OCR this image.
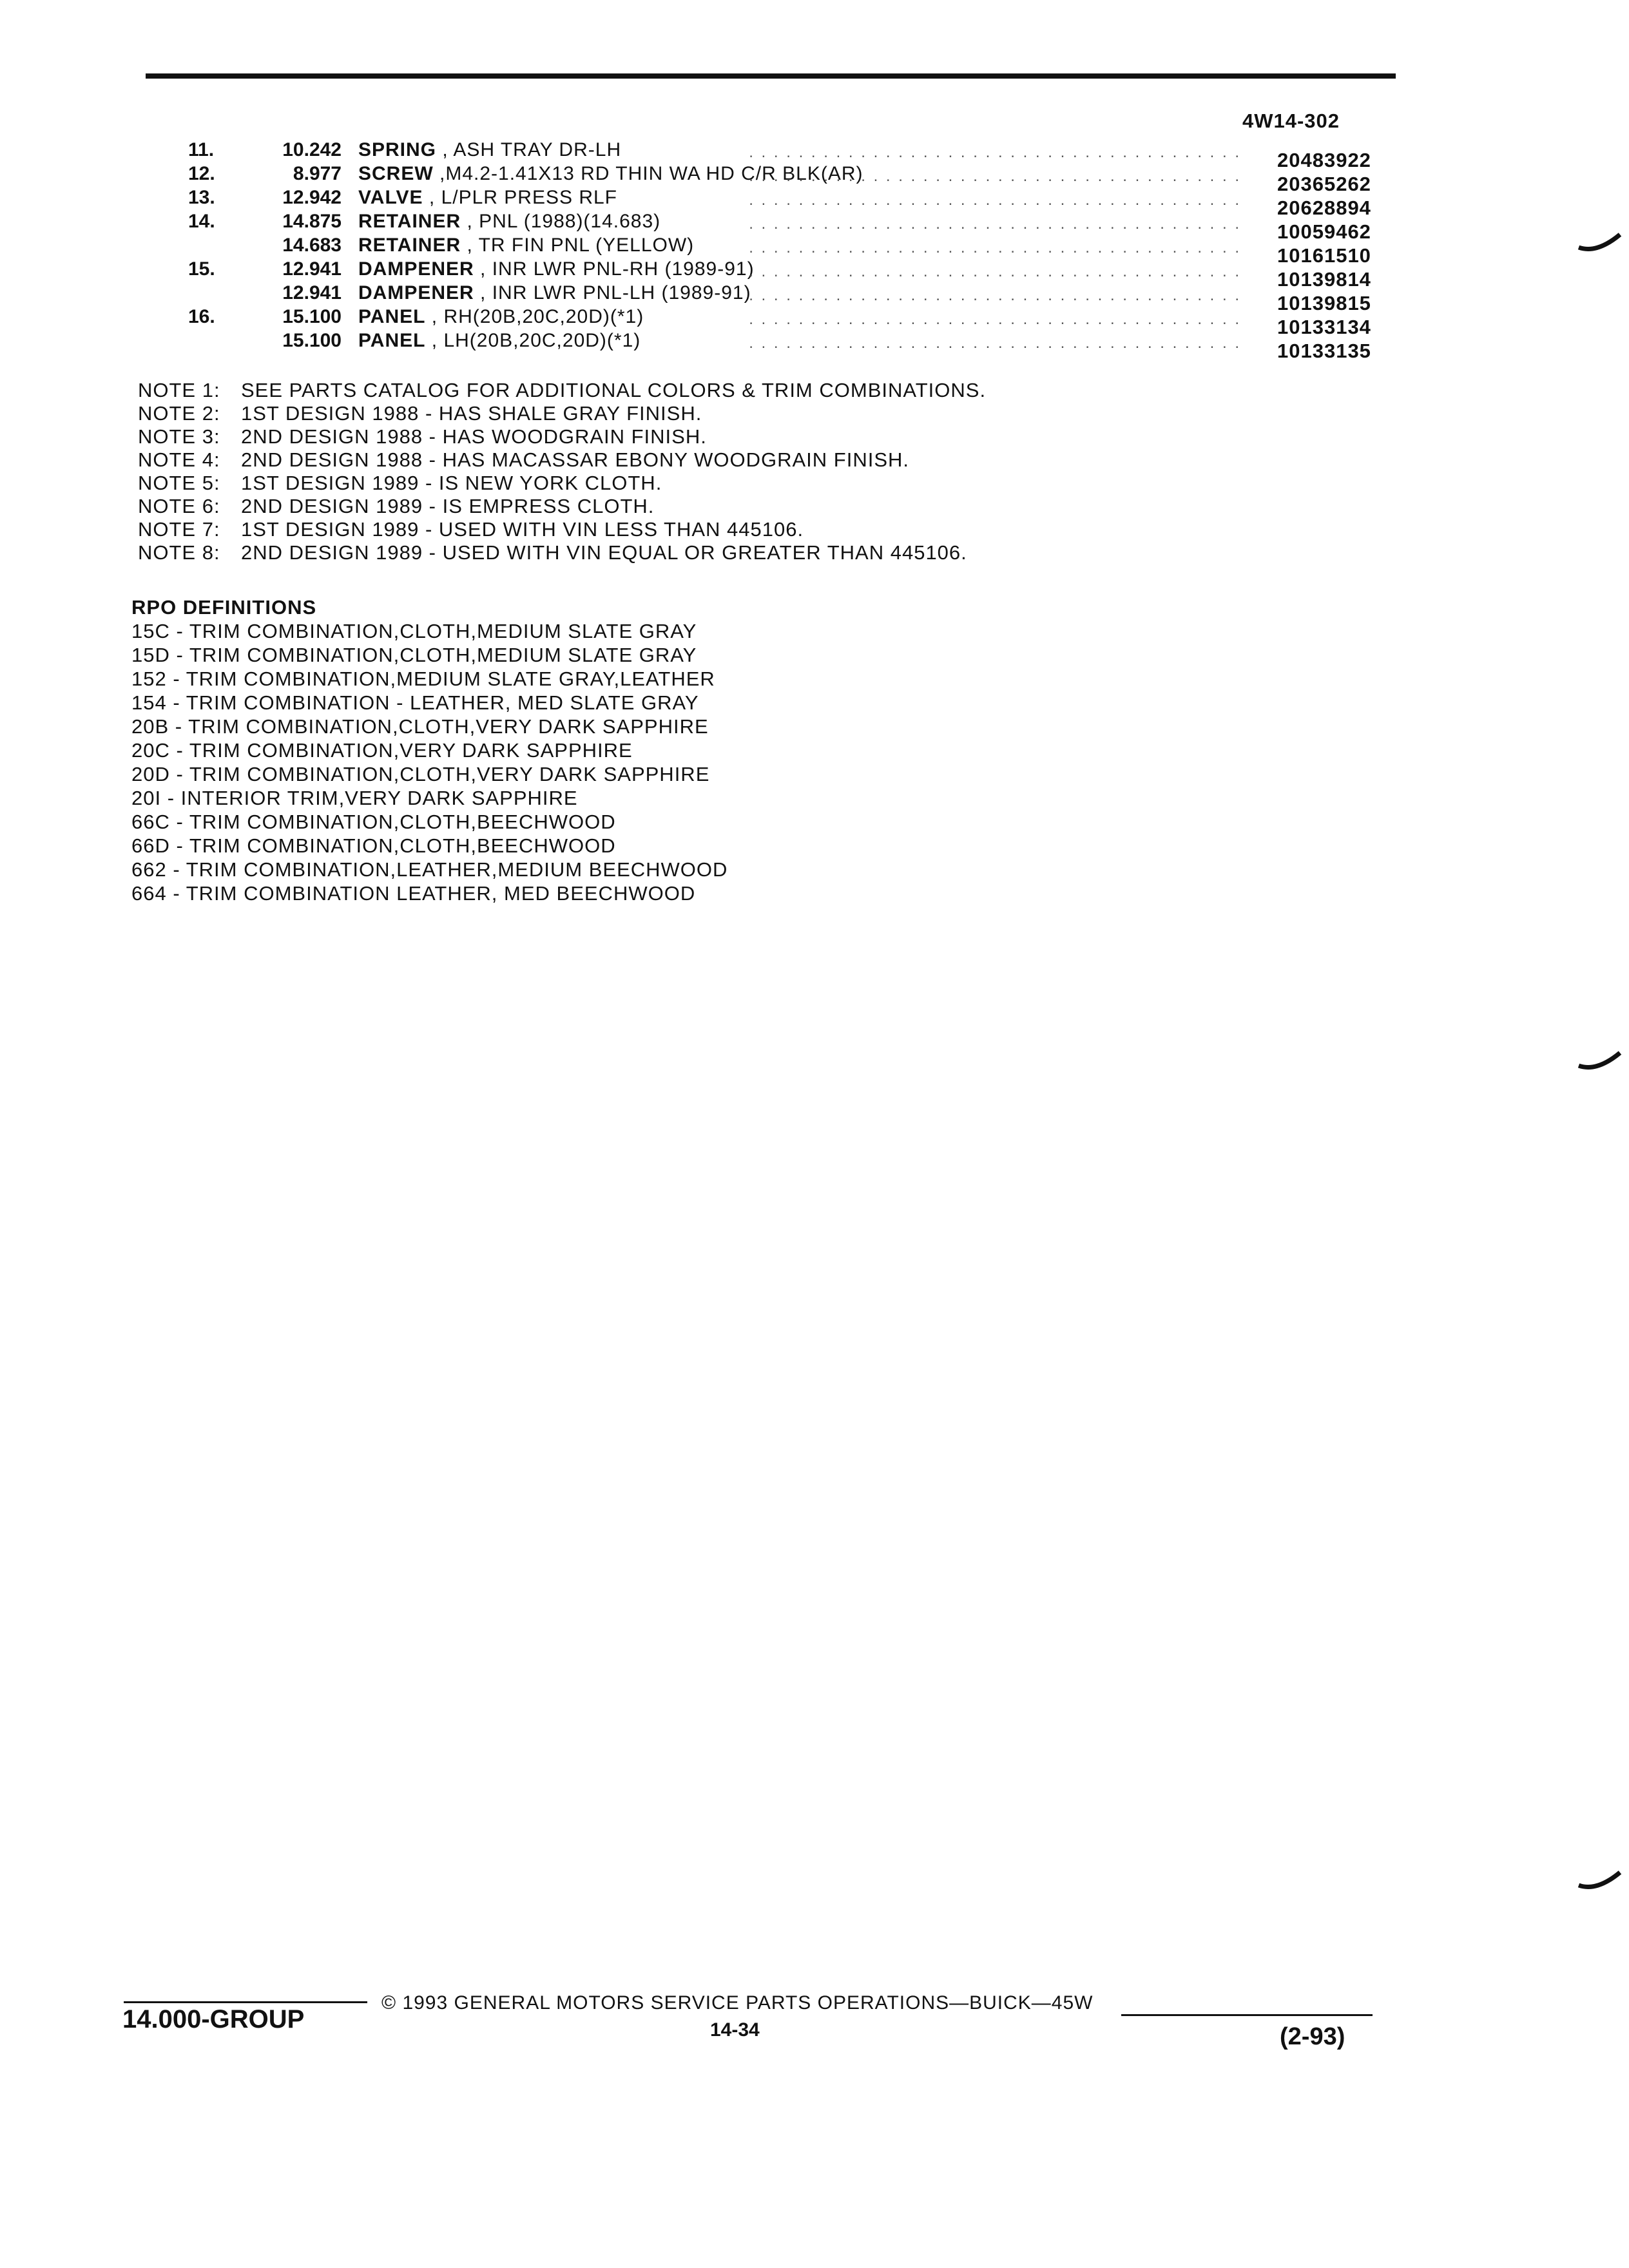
4W14-302
11.	10.242 SPRING , ASH TRAY DR-LH	. . . . . . . . . . . . . . . . . . . . . . . . . . . . . . . . . . . . . . . . 20483922
12.	8.977 SCREW ,M4.2-1.41X13 RD THIN WA HD C/R BLK(AR)
. . . . . . . . . . . . . . . . . . . . . . . . . . . . . . . . . . . . . . . . 20365262
13.	12.942 VALVE , L/PLR PRESS RLF	. . . . . . . . . . . . . . . . . . . . . . . . . . . . . . . . . . . . . . . . 20628894
14.	14.875 RETAINER , PNL (1988)(14.683)	. . . . . . . . . . . . . . . . . . . . . . . . . . . . . . . . . . . . . . . . 10059462
14.683 RETAINER , TR FIN PNL (YELLOW)	. . . . . . . . . . . . . . . . . . . . . . . . . . . . . . . . . . . . . . . . 10161510
15.	12.941 DAMPENER , INR LWR PNL-RH (1989-91)
. . . . . . . . . . . . . . . . . . . . . . . . . . . . . . . . . . . . . . . . 10139814
12.941 DAMPENER , INR LWR PNL-LH (1989-91)
. . . . . . . . . . . . . . . . . . . . . . . . . . . . . . . . . . . . . . . . 10139815
16.	15.100 PANEL , RH(20B,20C,20D)(*1)	. . . . . . . . . . . . . . . . . . . . . . . . . . . . . . . . . . . . . . . . 10133134
15.100 PANEL , LH(20B,20C,20D)(*1)	. . . . . . . . . . . . . . . . . . . . . . . . . . . . . . . . . . . . . . . . 10133135
NOTE 1: SEE PARTS CATALOG FOR ADDITIONAL COLORS & TRIM COMBINATIONS.
NOTE 2: 1ST DESIGN 1988 - HAS SHALE GRAY FINISH.
NOTE 3: 2ND DESIGN 1988 - HAS WOODGRAIN FINISH.
NOTE 4: 2ND DESIGN 1988 - HAS MACASSAR EBONY WOODGRAIN FINISH.
NOTE 5: 1ST DESIGN 1989 - IS NEW YORK CLOTH.
NOTE 6: 2ND DESIGN 1989 - IS EMPRESS CLOTH.
NOTE 7: 1ST DESIGN 1989 - USED WITH VIN LESS THAN 445106.
NOTE 8: 2ND DESIGN 1989 - USED WITH VIN EQUAL OR GREATER THAN 445106.
RPO DEFINITIONS
15C - TRIM COMBINATION,CLOTH,MEDIUM SLATE GRAY
15D - TRIM COMBINATION,CLOTH,MEDIUM SLATE GRAY
152 - TRIM COMBINATION,MEDIUM SLATE GRAY,LEATHER
154 - TRIM COMBINATION - LEATHER, MED SLATE GRAY
20B - TRIM COMBINATION,CLOTH,VERY DARK SAPPHIRE
20C - TRIM COMBINATION,VERY DARK SAPPHIRE
20D - TRIM COMBINATION,CLOTH,VERY DARK SAPPHIRE
20I - INTERIOR TRIM,VERY DARK SAPPHIRE
66C - TRIM COMBINATION,CLOTH,BEECHWOOD
66D - TRIM COMBINATION,CLOTH,BEECHWOOD
662 - TRIM COMBINATION,LEATHER,MEDIUM BEECHWOOD
664 - TRIM COMBINATION LEATHER, MED BEECHWOOD
14.000-GROUP
© 1993 GENERAL MOTORS SERVICE PARTS OPERATIONS—BUICK—45W
14-34	(2-93)
